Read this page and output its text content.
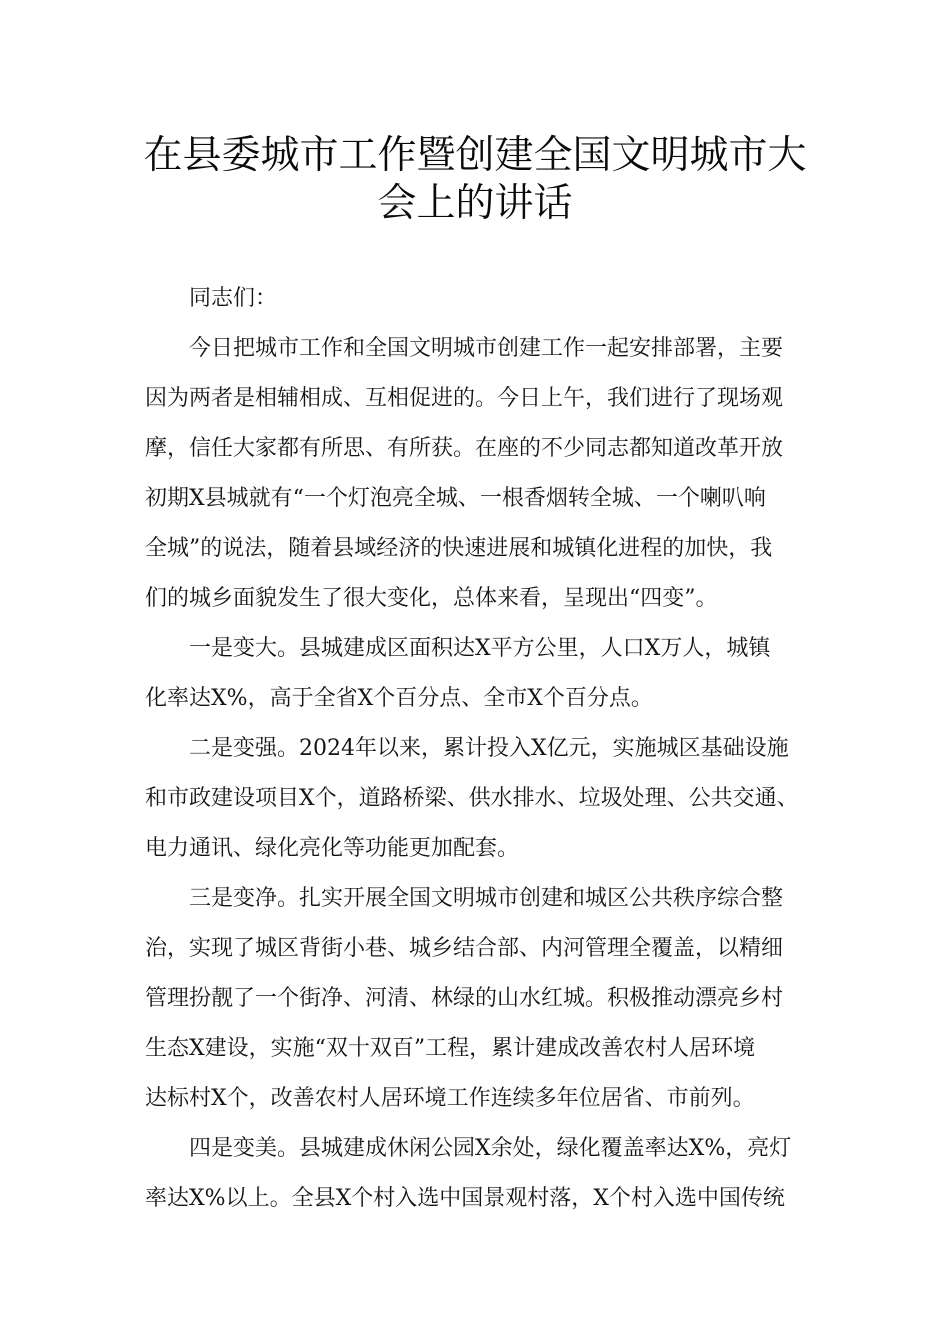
在县委城市工作暨创建全国文明城市大
会上的讲话
　　同志们：
　　今日把城市工作和全国文明城市创建工作一起安排部署，主要
因为两者是相辅相成、互相促进的。今日上午，我们进行了现场观
摩，信任大家都有所思、有所获。在座的不少同志都知道改革开放
初期X县城就有“一个灯泡亮全城、一根香烟转全城、一个喇叭响
全城”的说法，随着县域经济的快速进展和城镇化进程的加快，我
们的城乡面貌发生了很大变化，总体来看，呈现出“四变”。
　　一是变大。县城建成区面积达X平方公里，人口X万人，城镇
化率达X%，高于全省X个百分点、全市X个百分点。
　　二是变强。2024年以来，累计投入X亿元，实施城区基础设施
和市政建设项目X个，道路桥梁、供水排水、垃圾处理、公共交通、
电力通讯、绿化亮化等功能更加配套。
　　三是变净。扎实开展全国文明城市创建和城区公共秩序综合整
治，实现了城区背街小巷、城乡结合部、内河管理全覆盖，以精细
管理扮靓了一个街净、河清、林绿的山水红城。积极推动漂亮乡村
生态X建设，实施“双十双百”工程，累计建成改善农村人居环境
达标村X个，改善农村人居环境工作连续多年位居省、市前列。
　　四是变美。县城建成休闲公园X余处，绿化覆盖率达X%，亮灯
率达X%以上。全县X个村入选中国景观村落，X个村入选中国传统
